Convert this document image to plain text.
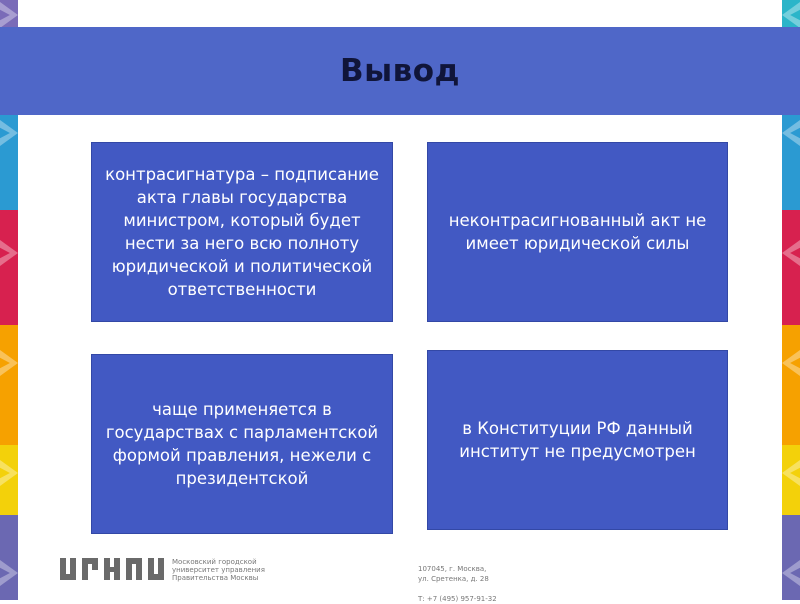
Вывод
контрасигнатура – подписание акта главы государства министром, который будет нести за него всю полноту юридической и политической ответственности
неконтрасигнованный акт не имеет юридической силы
чаще применяется в государствах с парламентской формой правления, нежели с президентской
в Конституции РФ данный институт не предусмотрен
Московский городской
университет управления
Правительства Москвы
107045, г. Москва,
ул. Сретенка, д. 28

Т: +7 (495) 957-91-32
